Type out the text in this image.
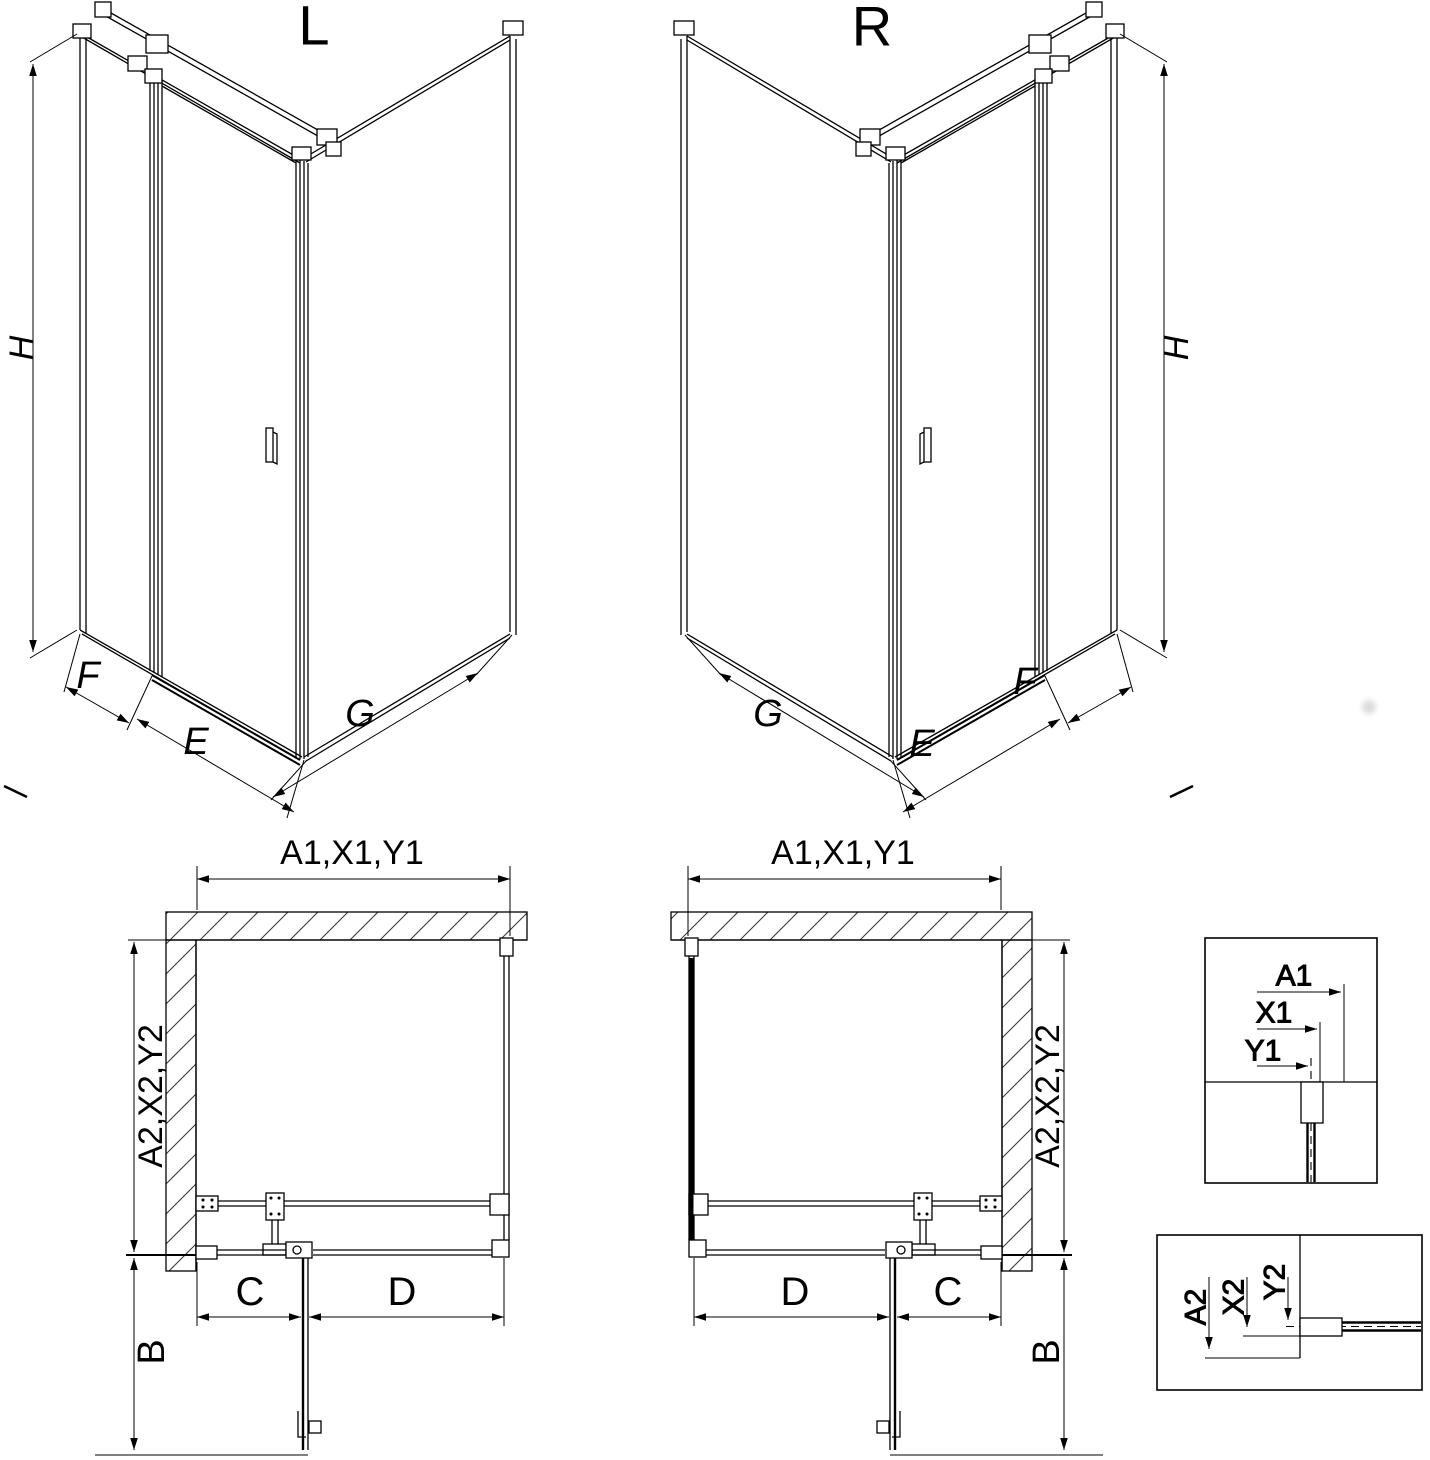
L
H
F
E
G
R
H
F
E
G
A1,X1,Y1
A2,X2,Y2
B
C	D
A1,X1,Y1
A2,X2,Y2
B
C
D
A1
X1
Y1
A2 X2 Y2
